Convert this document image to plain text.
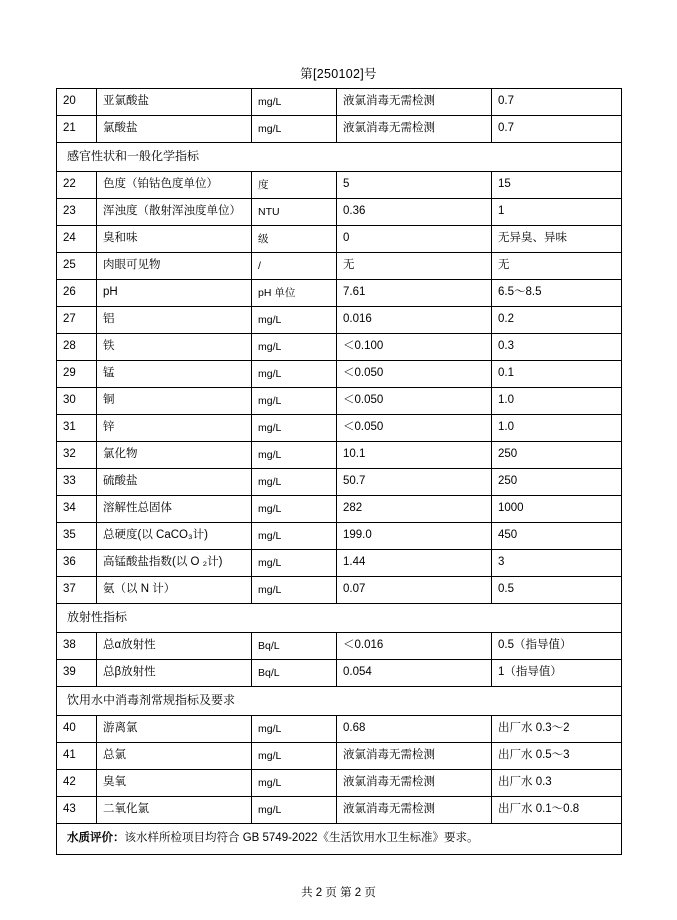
第[250102]号
20	亚氯酸盐	mg/L	液氯消毒无需检测	0.7
21	氯酸盐	mg/L	液氯消毒无需检测	0.7
感官性状和一般化学指标				
22	色度（铂钴色度单位）	度	5	15
23	浑浊度（散射浑浊度单位）	NTU	0.36	1
24	臭和味	级	0	无异臭、异味
25	肉眼可见物	/	无	无
26	pH	pH 单位	7.61	6.5～8.5
27	铝	mg/L	0.016	0.2
28	铁	mg/L	＜0.100	0.3
29	锰	mg/L	＜0.050	0.1
30	铜	mg/L	＜0.050	1.0
31	锌	mg/L	＜0.050	1.0
32	氯化物	mg/L	10.1	250
33	硫酸盐	mg/L	50.7	250
34	溶解性总固体	mg/L	282	1000
35	总硬度(以 CaCO₃计)	mg/L	199.0	450
36	高锰酸盐指数(以 O ₂计)	mg/L	1.44	3
37	氨（以 N 计）	mg/L	0.07	0.5
放射性指标				
38	总α放射性	Bq/L	＜0.016	0.5（指导值）
39	总β放射性	Bq/L	0.054	1（指导值）
饮用水中消毒剂常规指标及要求				
40	游离氯	mg/L	0.68	出厂水 0.3～2
41	总氯	mg/L	液氯消毒无需检测	出厂水 0.5～3
42	臭氧	mg/L	液氯消毒无需检测	出厂水 0.3
43	二氧化氯	mg/L	液氯消毒无需检测	出厂水 0.1～0.8
水质评价：该水样所检项目均符合 GB 5749-2022《生活饮用水卫生标准》要求。				
共 2 页 第 2 页
